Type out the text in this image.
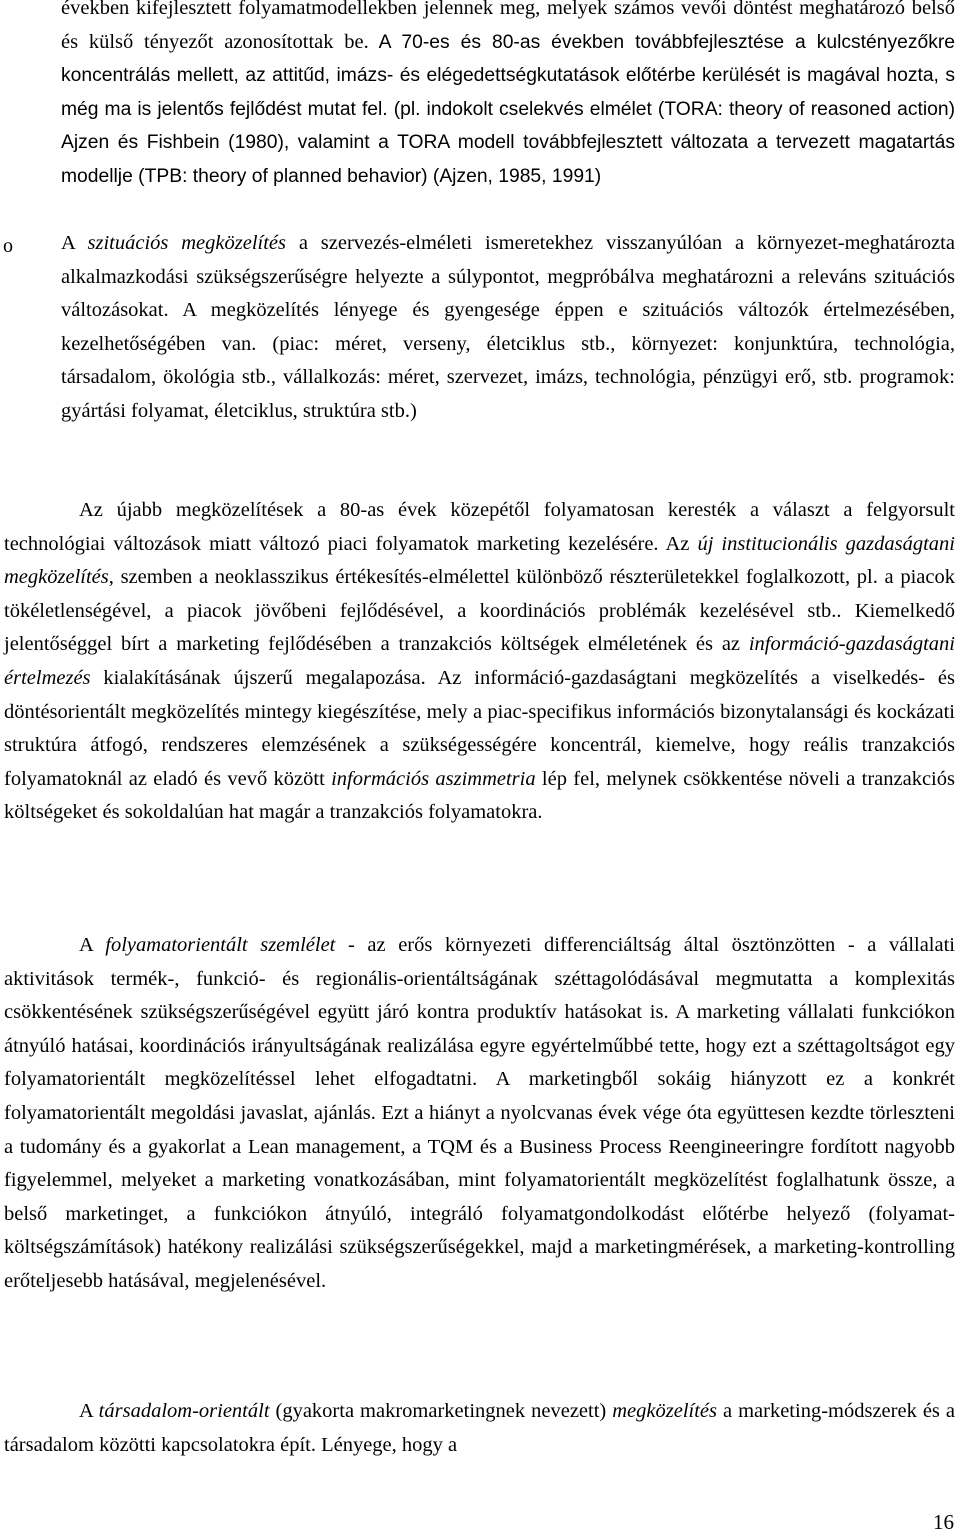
években kifejlesztett folyamatmodellekben jelennek meg, melyek számos vevői döntést meghatározó belső és külső tényezőt azonosítottak be. A 70-es és 80-as években továbbfejlesztése a kulcstényezőkre koncentrálás mellett, az attitűd, imázs- és elégedettségkutatások előtérbe kerülését is magával hozta, s még ma is jelentős fejlődést mutat fel. (pl. indokolt cselekvés elmélet (TORA: theory of reasoned action) Ajzen és Fishbein (1980), valamint a TORA modell továbbfejlesztett változata a tervezett magatartás modellje (TPB: theory of planned behavior) (Ajzen, 1985, 1991)
o A szituációs megközelítés a szervezés-elméleti ismeretekhez visszanyúlóan a környezet-meghatározta alkalmazkodási szükségszerűségre helyezte a súlypontot, megpróbálva meghatározni a releváns szituációs változásokat. A megközelítés lényege és gyengesége éppen e szituációs változók értelmezésében, kezelhetőségében van. (piac: méret, verseny, életciklus stb., környezet: konjunktúra, technológia, társadalom, ökológia stb., vállalkozás: méret, szervezet, imázs, technológia, pénzügyi erő, stb. programok: gyártási folyamat, életciklus, struktúra stb.)

Az újabb megközelítések a 80-as évek közepétől folyamatosan keresték a választ a felgyorsult technológiai változások miatt változó piaci folyamatok marketing kezelésére. Az új institucionális gazdaságtani megközelítés, szemben a neoklasszikus értékesítés-elmélettel különböző részterületekkel foglalkozott, pl. a piacok tökéletlenségével, a piacok jövőbeni fejlődésével, a koordinációs problémák kezelésével stb.. Kiemelkedő jelentőséggel bírt a marketing fejlődésében a tranzakciós költségek elméletének és az információ-gazdaságtani értelmezés kialakításának újszerű megalapozása. Az információ-gazdaságtani megközelítés a viselkedés- és döntésorientált megközelítés mintegy kiegészítése, mely a piac-specifikus információs bizonytalansági és kockázati struktúra átfogó, rendszeres elemzésének a szükségességére koncentrál, kiemelve, hogy reális tranzakciós folyamatoknál az eladó és vevő között információs aszimmetria lép fel, melynek csökkentése növeli a tranzakciós költségeket és sokoldalúan hat magár a tranzakciós folyamatokra.

A folyamatorientált szemlélet - az erős környezeti differenciáltság által ösztönzötten - a vállalati aktivitások termék-, funkció- és regionális-orientáltságának széttagolódásával megmutatta a komplexitás csökkentésének szükségszerűségével együtt járó kontra produktív hatásokat is. A marketing vállalati funkciókon átnyúló hatásai, koordinációs irányultságának realizálása egyre egyértelműbbé tette, hogy ezt a széttagoltságot egy folyamatorientált megközelítéssel lehet elfogadtatni. A marketingből sokáig hiányzott ez a konkrét folyamatorientált megoldási javaslat, ajánlás. Ezt a hiányt a nyolcvanas évek vége óta együttesen kezdte törleszteni a tudomány és a gyakorlat a Lean management, a TQM és a Business Process Reengineeringre fordított nagyobb figyelemmel, melyeket a marketing vonatkozásában, mint folyamatorientált megközelítést foglalhatunk össze, a belső marketinget, a funkciókon átnyúló, integráló folyamatgondolkodást előtérbe helyező (folyamat-költségszámítások) hatékony realizálási szükségszerűségekkel, majd a marketingmérések, a marketing-kontrolling erőteljesebb hatásával, megjelenésével.

A társadalom-orientált (gyakorta makromarketingnek nevezett) megközelítés a marketing-módszerek és a társadalom közötti kapcsolatokra épít. Lényege, hogy a

16
